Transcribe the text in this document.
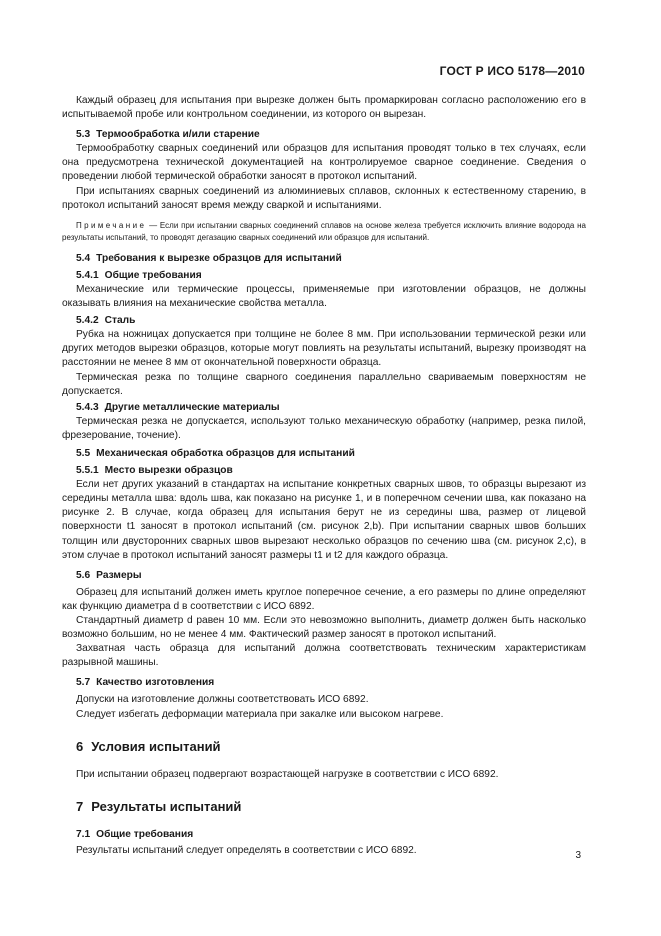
ГОСТ Р ИСО 5178—2010

Каждый образец для испытания при вырезке должен быть промаркирован согласно расположению его в испытываемой пробе или контрольном соединении, из которого он вырезан.

5.3 Термообработка и/или старение

Термообработку сварных соединений или образцов для испытания проводят только в тех случаях, если она предусмотрена технической документацией на контролируемое сварное соединение. Сведения о проведении любой термической обработки заносят в протокол испытаний.

При испытаниях сварных соединений из алюминиевых сплавов, склонных к естественному старению, в протокол испытаний заносят время между сваркой и испытаниями.

Примечание — Если при испытании сварных соединений сплавов на основе железа требуется исключить влияние водорода на результаты испытаний, то проводят дегазацию сварных соединений или образцов для испытаний.

5.4 Требования к вырезке образцов для испытаний
5.4.1 Общие требования

Механические или термические процессы, применяемые при изготовлении образцов, не должны оказывать влияния на механические свойства металла.

5.4.2 Сталь

Рубка на ножницах допускается при толщине не более 8 мм. При использовании термической резки или других методов вырезки образцов, которые могут повлиять на результаты испытаний, вырезку производят на расстоянии не менее 8 мм от окончательной поверхности образца.

Термическая резка по толщине сварного соединения параллельно свариваемым поверхностям не допускается.

5.4.3 Другие металлические материалы

Термическая резка не допускается, используют только механическую обработку (например, резка пилой, фрезерование, точение).

5.5 Механическая обработка образцов для испытаний
5.5.1 Место вырезки образцов

Если нет других указаний в стандартах на испытание конкретных сварных швов, то образцы вырезают из середины металла шва: вдоль шва, как показано на рисунке 1, и в поперечном сечении шва, как показано на рисунке 2. В случае, когда образец для испытания берут не из середины шва, размер от лицевой поверхности t1 заносят в протокол испытаний (см. рисунок 2,b). При испытании сварных швов больших толщин или двусторонних сварных швов вырезают несколько образцов по сечению шва (см. рисунок 2,c), в этом случае в протокол испытаний заносят размеры t1 и t2 для каждого образца.

5.6 Размеры

Образец для испытаний должен иметь круглое поперечное сечение, а его размеры по длине определяют как функцию диаметра d в соответствии с ИСО 6892.

Стандартный диаметр d равен 10 мм. Если это невозможно выполнить, диаметр должен быть насколько возможно большим, но не менее 4 мм. Фактический размер заносят в протокол испытаний.

Захватная часть образца для испытаний должна соответствовать техническим характеристикам разрывной машины.

5.7 Качество изготовления

Допуски на изготовление должны соответствовать ИСО 6892.

Следует избегать деформации материала при закалке или высоком нагреве.

6 Условия испытаний

При испытании образец подвергают возрастающей нагрузке в соответствии с ИСО 6892.

7 Результаты испытаний
7.1 Общие требования

Результаты испытаний следует определять в соответствии с ИСО 6892.	3
